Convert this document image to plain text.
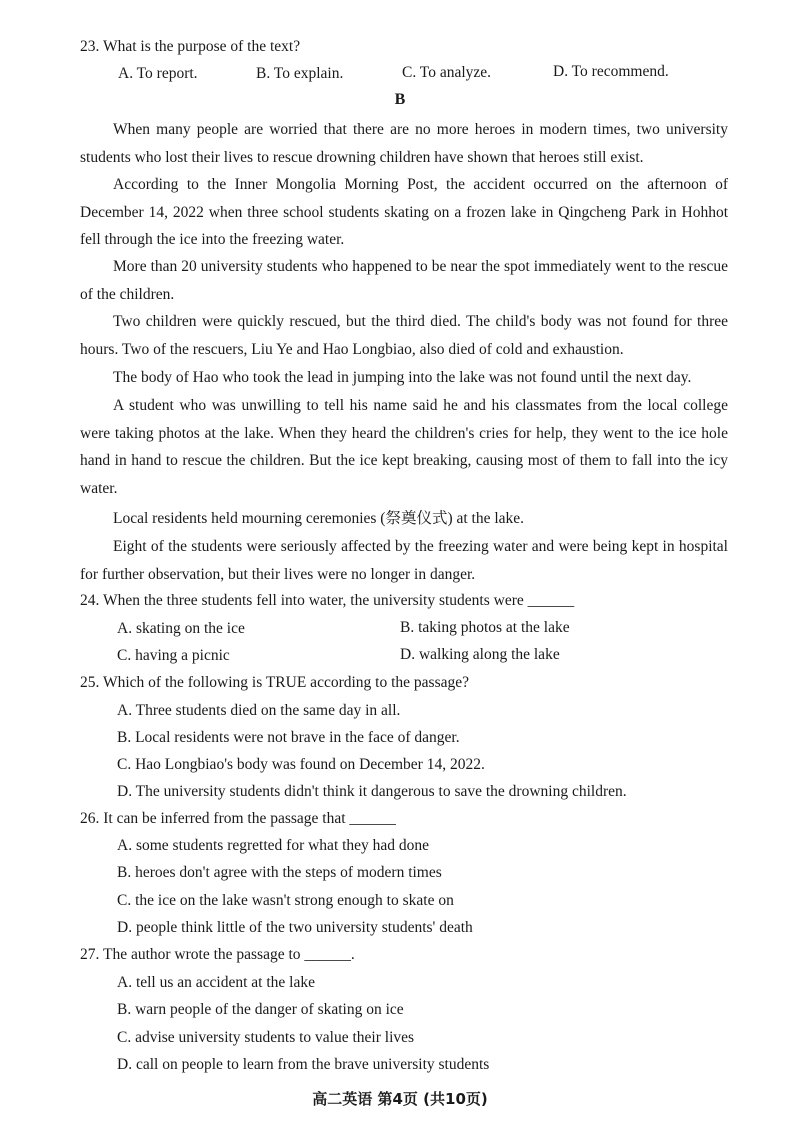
23. What is the purpose of the text?
A. To report.	B. To explain.	C. To analyze.	D. To recommend.
B
When many people are worried that there are no more heroes in modern times, two university students who lost their lives to rescue drowning children have shown that heroes still exist.
According to the Inner Mongolia Morning Post, the accident occurred on the afternoon of December 14, 2022 when three school students skating on a frozen lake in Qingcheng Park in Hohhot fell through the ice into the freezing water.
More than 20 university students who happened to be near the spot immediately went to the rescue of the children.
Two children were quickly rescued, but the third died. The child's body was not found for three hours. Two of the rescuers, Liu Ye and Hao Longbiao, also died of cold and exhaustion.
The body of Hao who took the lead in jumping into the lake was not found until the next day.
A student who was unwilling to tell his name said he and his classmates from the local college were taking photos at the lake. When they heard the children's cries for help, they went to the ice hole hand in hand to rescue the children. But the ice kept breaking, causing most of them to fall into the icy water.
Local residents held mourning ceremonies (祭奠仪式) at the lake.
Eight of the students were seriously affected by the freezing water and were being kept in hospital for further observation, but their lives were no longer in danger.
24. When the three students fell into water, the university students were ______
A. skating on the ice	B. taking photos at the lake
C. having a picnic	D. walking along the lake
25. Which of the following is TRUE according to the passage?
A. Three students died on the same day in all.
B. Local residents were not brave in the face of danger.
C. Hao Longbiao's body was found on December 14, 2022.
D. The university students didn't think it dangerous to save the drowning children.
26. It can be inferred from the passage that ______
A. some students regretted for what they had done
B. heroes don't agree with the steps of modern times
C. the ice on the lake wasn't strong enough to skate on
D. people think little of the two university students' death
27. The author wrote the passage to ______.
A. tell us an accident at the lake
B. warn people of the danger of skating on ice
C. advise university students to value their lives
D. call on people to learn from the brave university students
高二英语 第4页 (共10页)
